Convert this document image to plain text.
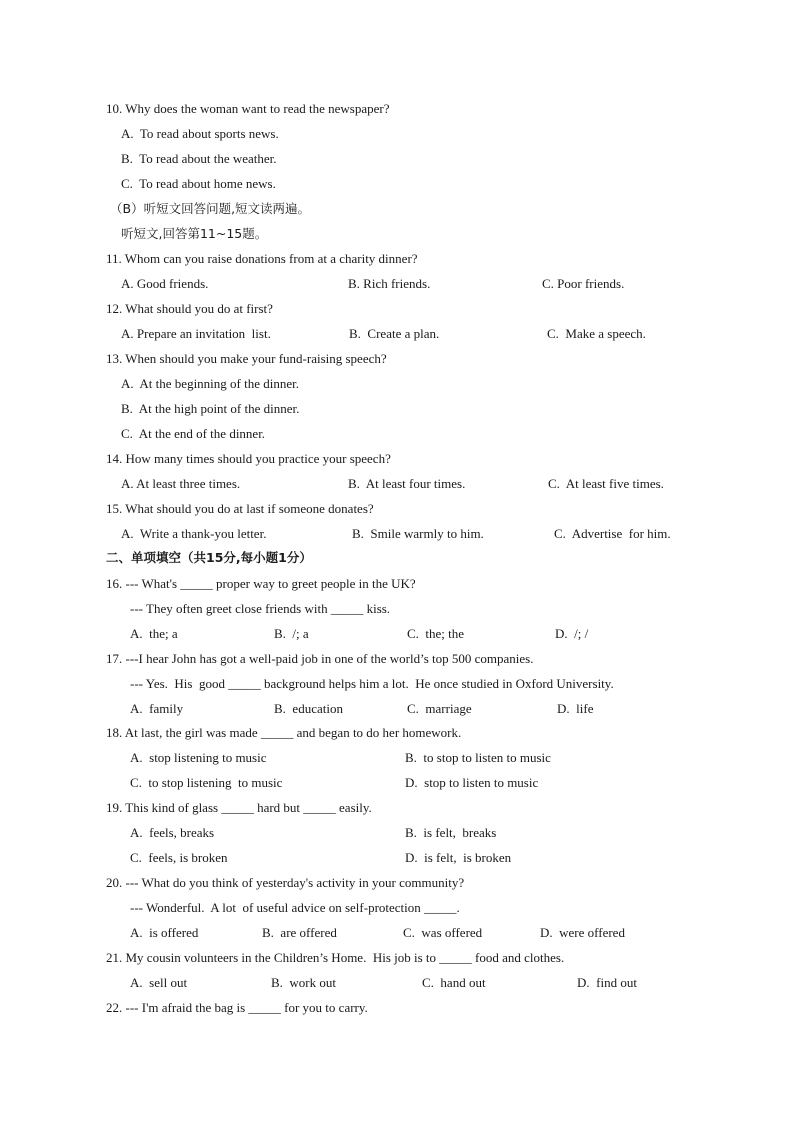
10. Why does the woman want to read the newspaper?
A.  To read about sports news.
B.  To read about the weather.
C.  To read about home news.
（B）听短文回答问题,短文读两遍。
听短文,回答第11~15题。
11. Whom can you raise donations from at a charity dinner?
A. Good friends.	B. Rich friends.	C. Poor friends.
12. What should you do at first?
A. Prepare an invitation  list.	B.  Create a plan.	C.  Make a speech.
13. When should you make your fund-raising speech?
A.  At the beginning of the dinner.
B.  At the high point of the dinner.
C.  At the end of the dinner.
14. How many times should you practice your speech?
A. At least three times.	B.  At least four times.	C.  At least five times.
15. What should you do at last if someone donates?
A.  Write a thank-you letter.	B.  Smile warmly to him.	C.  Advertise  for him.
二、单项填空（共15分,每小题1分）
16. --- What's _____ proper way to greet people in the UK?
--- They often greet close friends with _____ kiss.
A.  the; a	B.  /; a	C.  the; the	D.  /; /
17. ---I hear John has got a well-paid job in one of the world’s top 500 companies.
--- Yes.  His  good _____ background helps him a lot.  He once studied in Oxford University.
A.  family	B.  education	C.  marriage	D.  life
18. At last, the girl was made _____ and began to do her homework.
A.  stop listening to music	B.  to stop to listen to music
C.  to stop listening  to music	D.  stop to listen to music
19. This kind of glass _____ hard but _____ easily.
A.  feels, breaks	B.  is felt,  breaks
C.  feels, is broken	D.  is felt,  is broken
20. --- What do you think of yesterday's activity in your community?
--- Wonderful.  A lot  of useful advice on self-protection _____.
A.  is offered	B.  are offered	C.  was offered	D.  were offered
21. My cousin volunteers in the Children’s Home.  His job is to _____ food and clothes.
A.  sell out	B.  work out	C.  hand out	D.  find out
22. --- I'm afraid the bag is _____ for you to carry.
